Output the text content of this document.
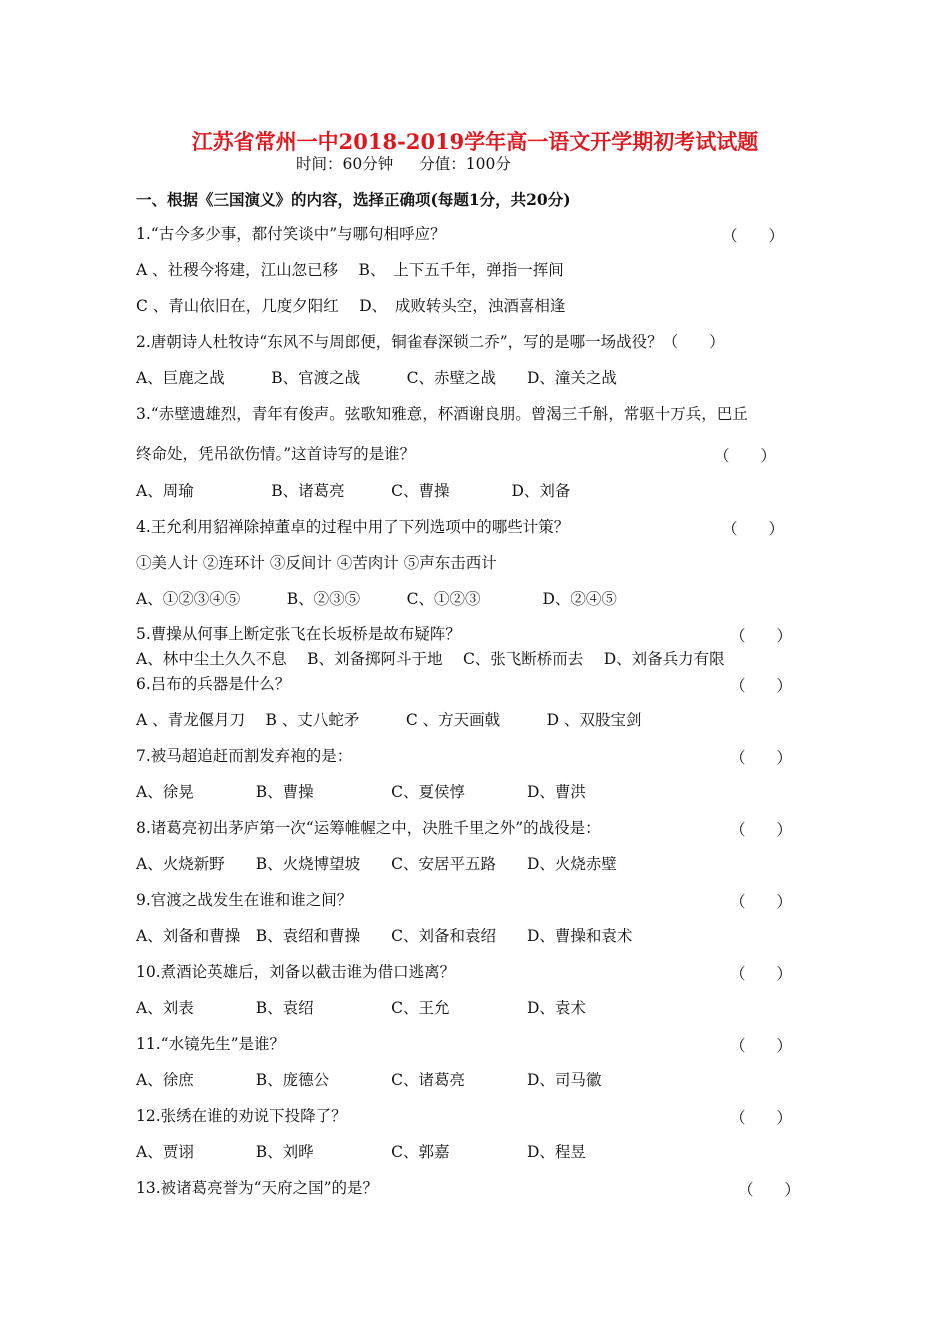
江苏省常州一中2018-2019学年高一语文开学期初考试试题
时间：60分钟 分值：100分
一、根据《三国演义》的内容，选择正确项(每题1分，共20分)
1.“古今多少事，都付笑谈中”与哪句相呼应？	（　　）
A 、社稷今将建，江山忽已移　 B、　上下五千年，弹指一挥间
C 、青山依旧在，几度夕阳红　 D、　成败转头空，浊酒喜相逢
2.唐朝诗人杜牧诗“东风不与周郎便，铜雀春深锁二乔”，写的是哪一场战役？（　　）
A、巨鹿之战　　　B、官渡之战　　　C、赤壁之战　　D、潼关之战
3.“赤壁遗雄烈，青年有俊声。弦歌知雅意，杯酒谢良朋。曾渴三千斛，常驱十万兵，巴丘
终命处，凭吊欲伤情。”这首诗写的是谁？	（　　）
A、周瑜　　　　　B、诸葛亮　　　C、曹操　　　　D、刘备
4.王允利用貂禅除掉董卓的过程中用了下列选项中的哪些计策？	（　　）
①美人计 ②连环计 ③反间计 ④苦肉计 ⑤声东击西计
A、①②③④⑤　　　B、②③⑤　　　C、①②③　　　　D、②④⑤
5.曹操从何事上断定张飞在长坂桥是故布疑阵？	（　　）
A、林中尘土久久不息　 B、刘备掷阿斗于地　 C、张飞断桥而去　 D、刘备兵力有限
6.吕布的兵器是什么？	（　　）
A 、青龙偃月刀　 B 、丈八蛇矛　　　C 、方天画戟　　　D 、双股宝剑
7.被马超追赶而割发弃袍的是：	（　　）
A、徐晃　　　　B、曹操　　　　　C、夏侯惇　　　　D、曹洪
8.诸葛亮初出茅庐第一次“运筹帷幄之中，决胜千里之外”的战役是：	（　　）
A、火烧新野　　B、火烧博望坡　　C、安居平五路　　D、火烧赤壁
9.官渡之战发生在谁和谁之间？	（　　）
A、刘备和曹操　B、袁绍和曹操　　C、刘备和袁绍　　D、曹操和袁术
10.煮酒论英雄后，刘备以截击谁为借口逃离？	（　　）
A、刘表　　　　B、袁绍　　　　　C、王允　　　　　D、袁术
11.“水镜先生”是谁？	（　　）
A、徐庶　　　　B、庞德公　　　　C、诸葛亮　　　　D、司马徽
12.张绣在谁的劝说下投降了？	（　　）
A、贾诩　　　　B、刘晔　　　　　C、郭嘉　　　　　D、程昱
13.被诸葛亮誉为“天府之国”的是？	（　　）
